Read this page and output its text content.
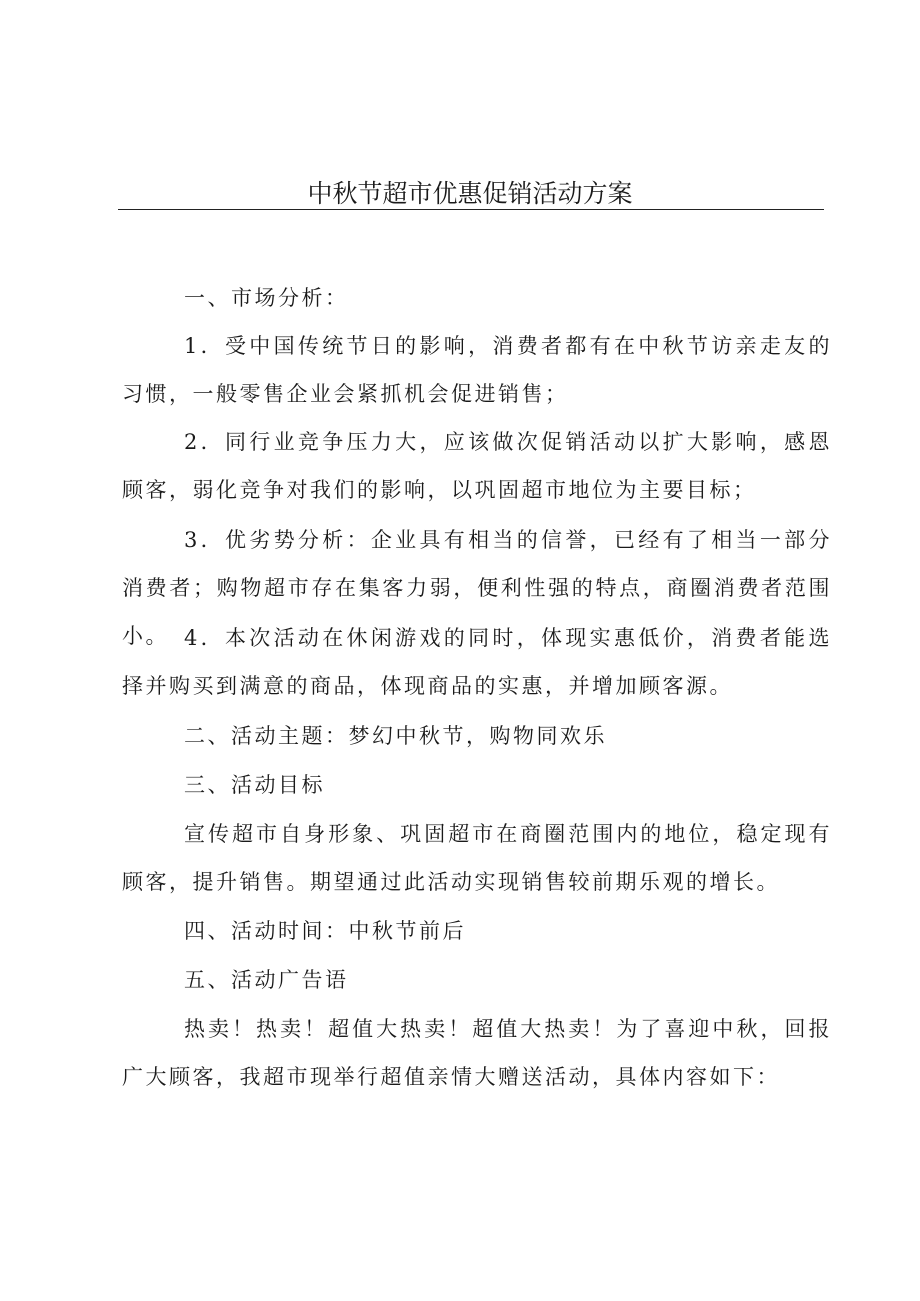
中秋节超市优惠促销活动方案

一、市场分析：

1．受中国传统节日的影响，消费者都有在中秋节访亲走友的习惯，一般零售企业会紧抓机会促进销售；

2．同行业竞争压力大，应该做次促销活动以扩大影响，感恩顾客，弱化竞争对我们的影响，以巩固超市地位为主要目标；

3．优劣势分析：企业具有相当的信誉，已经有了相当一部分消费者；购物超市存在集客力弱，便利性强的特点，商圈消费者范围小。 4．本次活动在休闲游戏的同时，体现实惠低价，消费者能选择并购买到满意的商品，体现商品的实惠，并增加顾客源。

二、活动主题：梦幻中秋节，购物同欢乐

三、活动目标

宣传超市自身形象、巩固超市在商圈范围内的地位，稳定现有顾客，提升销售。期望通过此活动实现销售较前期乐观的增长。

四、活动时间：中秋节前后

五、活动广告语

热卖！热卖！超值大热卖！超值大热卖！为了喜迎中秋，回报广大顾客，我超市现举行超值亲情大赠送活动，具体内容如下：
